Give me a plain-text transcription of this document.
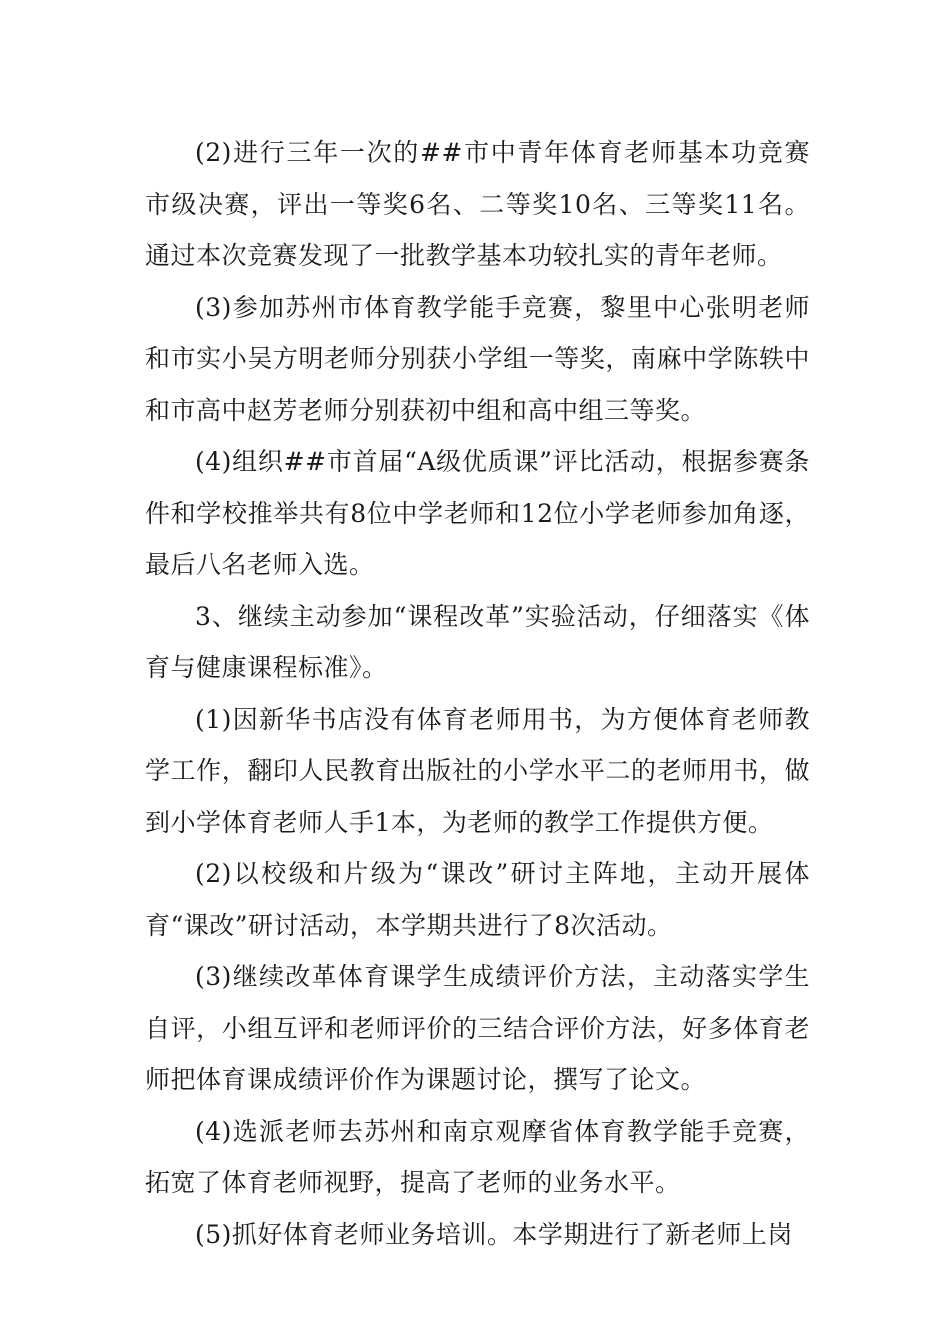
(2)进行三年一次的##市中青年体育老师基本功竞赛市级决赛，评出一等奖6名、二等奖10名、三等奖11名。通过本次竞赛发现了一批教学基本功较扎实的青年老师。

(3)参加苏州市体育教学能手竞赛，黎里中心张明老师和市实小吴方明老师分别获小学组一等奖，南麻中学陈轶中和市高中赵芳老师分别获初中组和高中组三等奖。

(4)组织##市首届“A级优质课”评比活动，根据参赛条件和学校推举共有8位中学老师和12位小学老师参加角逐，最后八名老师入选。

3、继续主动参加“课程改革”实验活动，仔细落实《体育与健康课程标准》。

(1)因新华书店没有体育老师用书，为方便体育老师教学工作，翻印人民教育出版社的小学水平二的老师用书，做到小学体育老师人手1本，为老师的教学工作提供方便。

(2)以校级和片级为“课改”研讨主阵地，主动开展体育“课改”研讨活动，本学期共进行了8次活动。

(3)继续改革体育课学生成绩评价方法，主动落实学生自评，小组互评和老师评价的三结合评价方法，好多体育老师把体育课成绩评价作为课题讨论，撰写了论文。

(4)选派老师去苏州和南京观摩省体育教学能手竞赛，拓宽了体育老师视野，提高了老师的业务水平。

(5)抓好体育老师业务培训。本学期进行了新老师上岗
